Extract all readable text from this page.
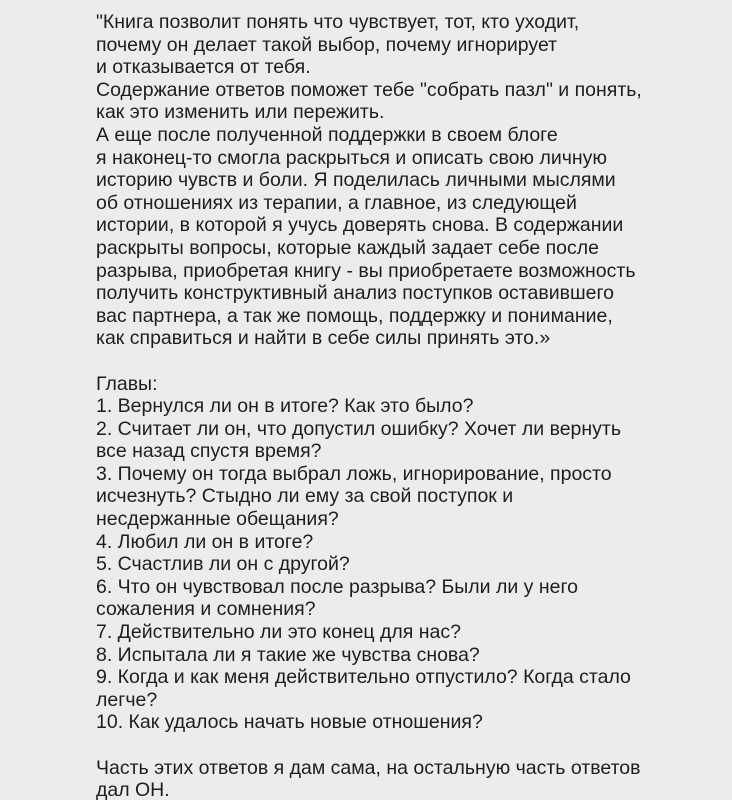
"Книга позволит понять что чувствует, тот, кто уходит,
почему он делает такой выбор, почему игнорирует
и отказывается от тебя.
Содержание ответов поможет тебе "собрать пазл" и понять,
как это изменить или пережить.
А еще после полученной поддержки в своем блоге
я наконец-то смогла раскрыться и описать свою личную
историю чувств и боли. Я поделилась личными мыслями
об отношениях из терапии, а главное, из следующей
истории, в которой я учусь доверять снова. В содержании
раскрыты вопросы, которые каждый задает себе после
разрыва, приобретая книгу - вы приобретаете возможность
получить конструктивный анализ поступков оставившего
вас партнера, а так же помощь, поддержку и понимание,
как справиться и найти в себе силы принять это.»
Главы:
1. Вернулся ли он в итоге? Как это было?
2. Считает ли он, что допустил ошибку? Хочет ли вернуть
все назад спустя время?
3. Почему он тогда выбрал ложь, игнорирование, просто
исчезнуть? Стыдно ли ему за свой поступок и
несдержанные обещания?
4. Любил ли он в итоге?
5. Счастлив ли он с другой?
6. Что он чувствовал после разрыва? Были ли у него
сожаления и сомнения?
7. Действительно ли это конец для нас?
8. Испытала ли я такие же чувства снова?
9. Когда и как меня действительно отпустило? Когда стало
легче?
10. Как удалось начать новые отношения?
Часть этих ответов я дам сама, на остальную часть ответов
дал ОН.
